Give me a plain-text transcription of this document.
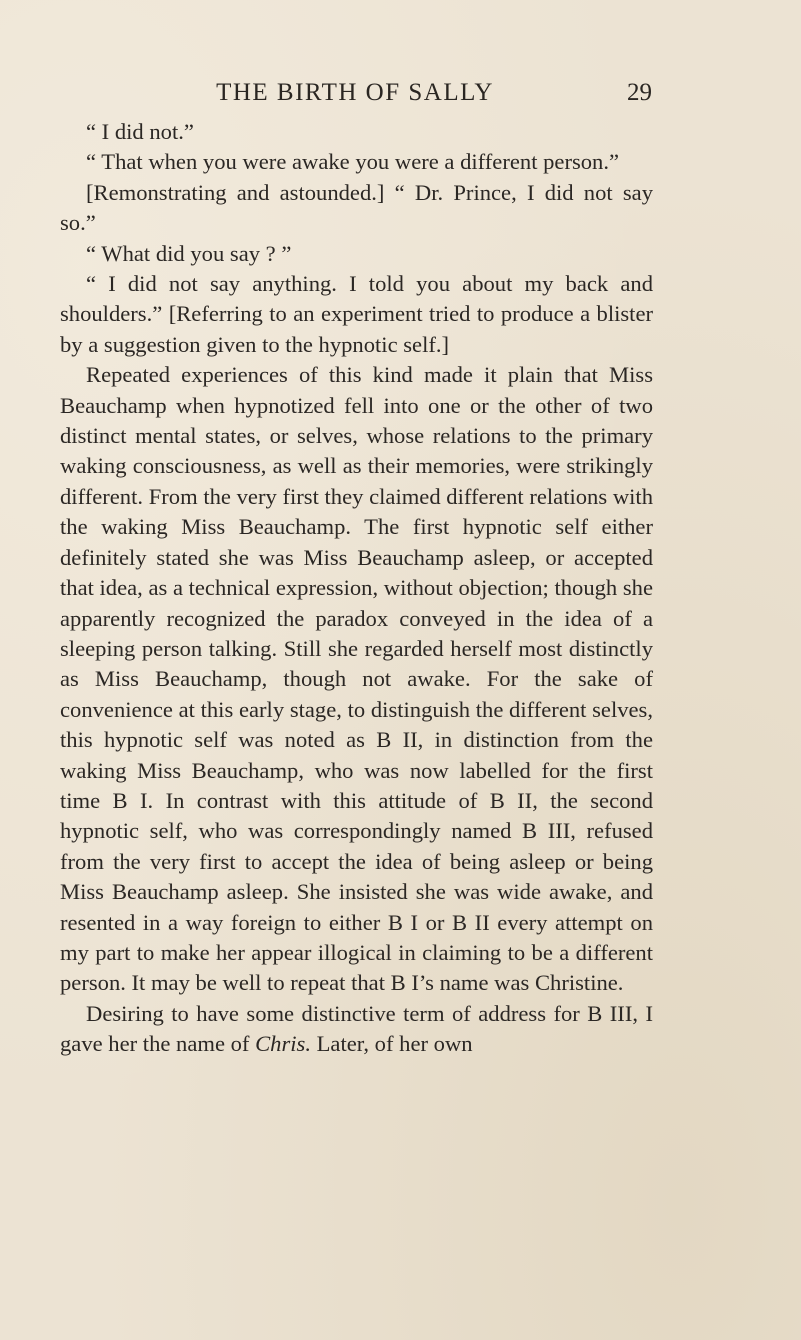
THE BIRTH OF SALLY	29

“ I did not.”

“ That when you were awake you were a different person.”

[Remonstrating and astounded.] “ Dr. Prince, I did not say so.”

“ What did you say ? ”

“ I did not say anything. I told you about my back and shoulders.” [Referring to an experiment tried to produce a blister by a suggestion given to the hypnotic self.]

Repeated experiences of this kind made it plain that Miss Beauchamp when hypnotized fell into one or the other of two distinct mental states, or selves, whose relations to the primary waking consciousness, as well as their memories, were strikingly different. From the very first they claimed different relations with the waking Miss Beauchamp. The first hypnotic self either definitely stated she was Miss Beauchamp asleep, or accepted that idea, as a technical expression, without objection; though she apparently recognized the paradox conveyed in the idea of a sleeping person talking. Still she regarded herself most distinctly as Miss Beauchamp, though not awake. For the sake of convenience at this early stage, to distinguish the different selves, this hypnotic self was noted as B II, in distinction from the waking Miss Beauchamp, who was now labelled for the first time B I. In contrast with this attitude of B II, the second hypnotic self, who was correspondingly named B III, refused from the very first to accept the idea of being asleep or being Miss Beauchamp asleep. She insisted she was wide awake, and resented in a way foreign to either B I or B II every attempt on my part to make her appear illogical in claiming to be a different person. It may be well to repeat that B I’s name was Christine.

Desiring to have some distinctive term of address for B III, I gave her the name of Chris. Later, of her own
